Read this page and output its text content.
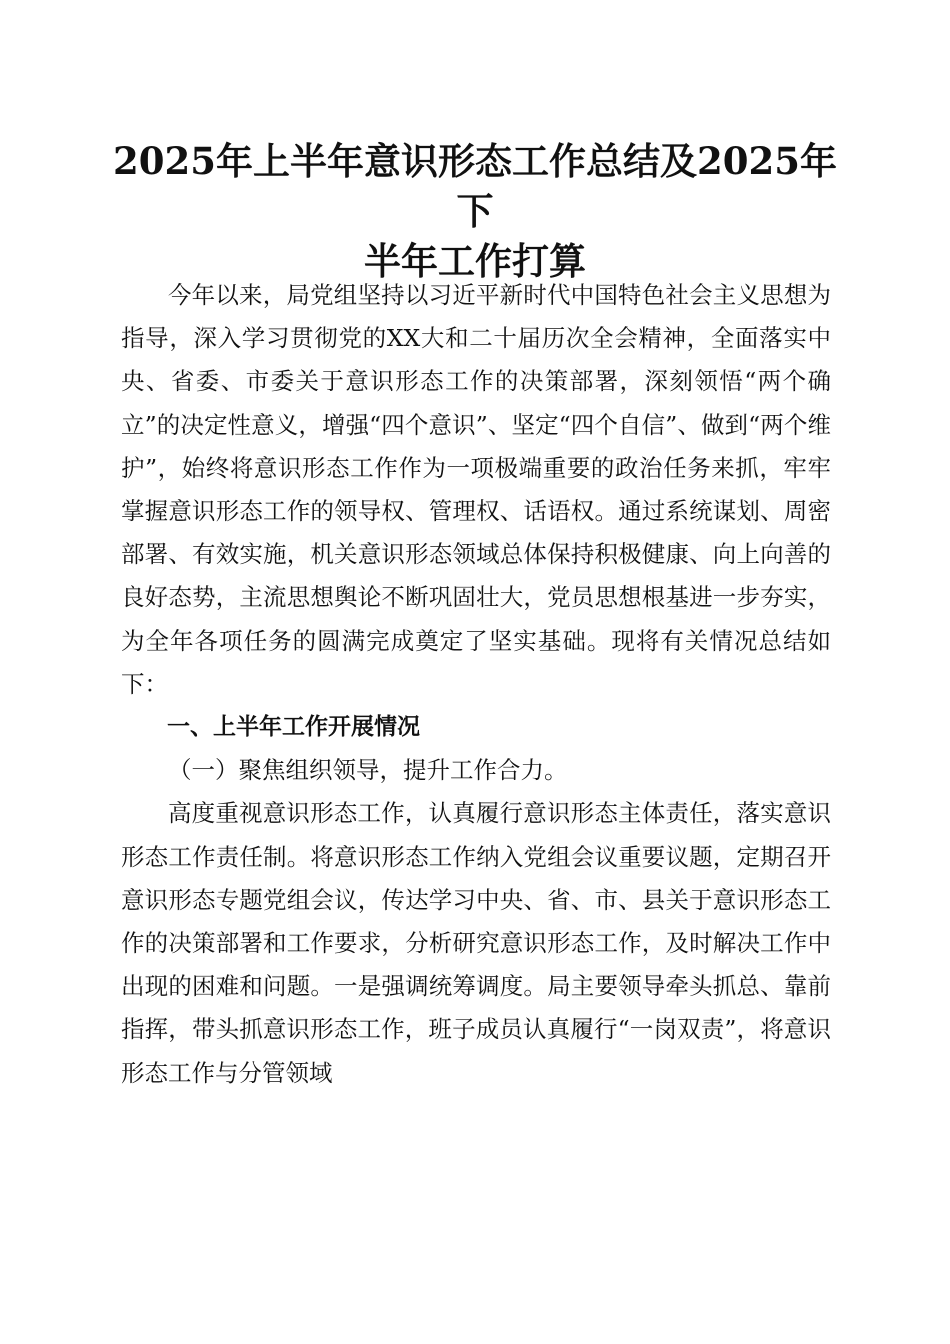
2025年上半年意识形态工作总结及2025年下
半年工作打算

今年以来，局党组坚持以习近平新时代中国特色社会主义思想为指导，深入学习贯彻党的XX大和二十届历次全会精神，全面落实中央、省委、市委关于意识形态工作的决策部署，深刻领悟“两个确立”的决定性意义，增强“四个意识”、坚定“四个自信”、做到“两个维护”，始终将意识形态工作作为一项极端重要的政治任务来抓，牢牢掌握意识形态工作的领导权、管理权、话语权。通过系统谋划、周密部署、有效实施，机关意识形态领域总体保持积极健康、向上向善的良好态势，主流思想舆论不断巩固壮大，党员思想根基进一步夯实，为全年各项任务的圆满完成奠定了坚实基础。现将有关情况总结如下：

一、上半年工作开展情况

（一）聚焦组织领导，提升工作合力。

高度重视意识形态工作，认真履行意识形态主体责任，落实意识形态工作责任制。将意识形态工作纳入党组会议重要议题，定期召开意识形态专题党组会议，传达学习中央、省、市、县关于意识形态工作的决策部署和工作要求，分析研究意识形态工作，及时解决工作中出现的困难和问题。一是强调统筹调度。局主要领导牵头抓总、靠前指挥，带头抓意识形态工作，班子成员认真履行“一岗双责”，将意识形态工作与分管领域
